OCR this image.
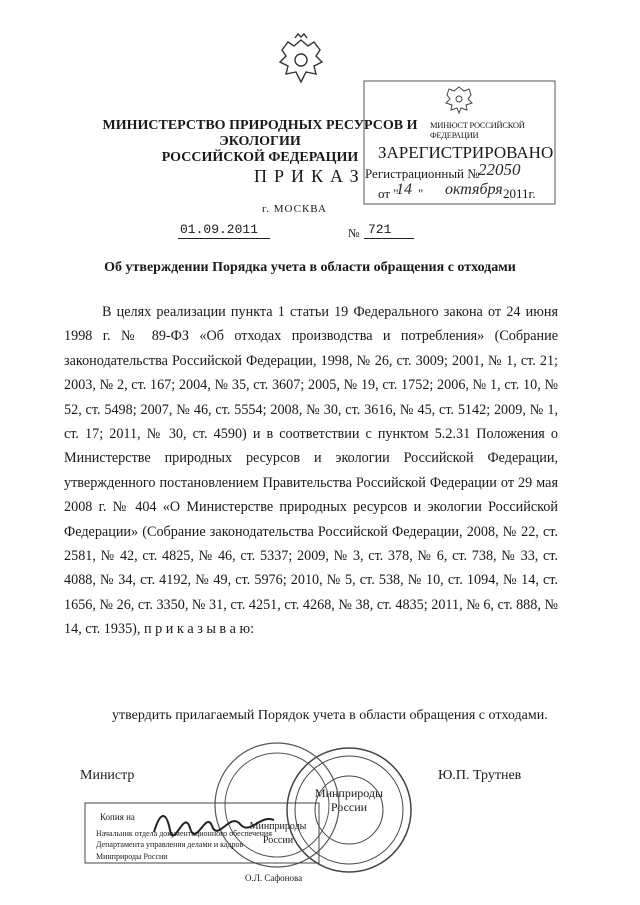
МИНИСТЕРСТВО ПРИРОДНЫХ РЕСУРСОВ И ЭКОЛОГИИ
РОССИЙСКОЙ ФЕДЕРАЦИИ
ПРИКАЗ
г. МОСКВА
01.09.2011	№ 721
МИНЮСТ РОССИЙСКОЙ ФЕДЕРАЦИИ
ЗАРЕГИСТРИРОВАНО
Регистрационный №
22050
от "
14 " октября 2011г.
Об утверждении Порядка учета в области обращения с отходами
В целях реализации пункта 1 статьи 19 Федерального закона от 24 июня 1998 г. № 89-ФЗ «Об отходах производства и потребления» (Собрание законодательства Российской Федерации, 1998, № 26, ст. 3009; 2001, № 1, ст. 21; 2003, № 2, ст. 167; 2004, № 35, ст. 3607; 2005, № 19, ст. 1752; 2006, № 1, ст. 10, № 52, ст. 5498; 2007, № 46, ст. 5554; 2008, № 30, ст. 3616, № 45, ст. 5142; 2009, № 1, ст. 17; 2011, № 30, ст. 4590) и в соответствии с пунктом 5.2.31 Положения о Министерстве природных ресурсов и экологии Российской Федерации, утвержденного постановлением Правительства Российской Федерации от 29 мая 2008 г. № 404 «О Министерстве природных ресурсов и экологии Российской Федерации» (Собрание законодательства Российской Федерации, 2008, № 22, ст. 2581, № 42, ст. 4825, № 46, ст. 5337; 2009, № 3, ст. 378, № 6, ст. 738, № 33, ст. 4088, № 34, ст. 4192, № 49, ст. 5976; 2010, № 5, ст. 538, № 10, ст. 1094, № 14, ст. 1656, № 26, ст. 3350, № 31, ст. 4251, ст. 4268, № 38, ст. 4835; 2011, № 6, ст. 888, № 14, ст. 1935), п р и к а з ы в а ю:
утвердить прилагаемый Порядок учета в области обращения с отходами.
Министр	Ю.П. Трутнев
Минприроды России
Минприроды России
Копия на
Начальник отдела документационного обеспечения
Департамента управления делами и кадров
Минприроды России
О.Л. Сафонова
